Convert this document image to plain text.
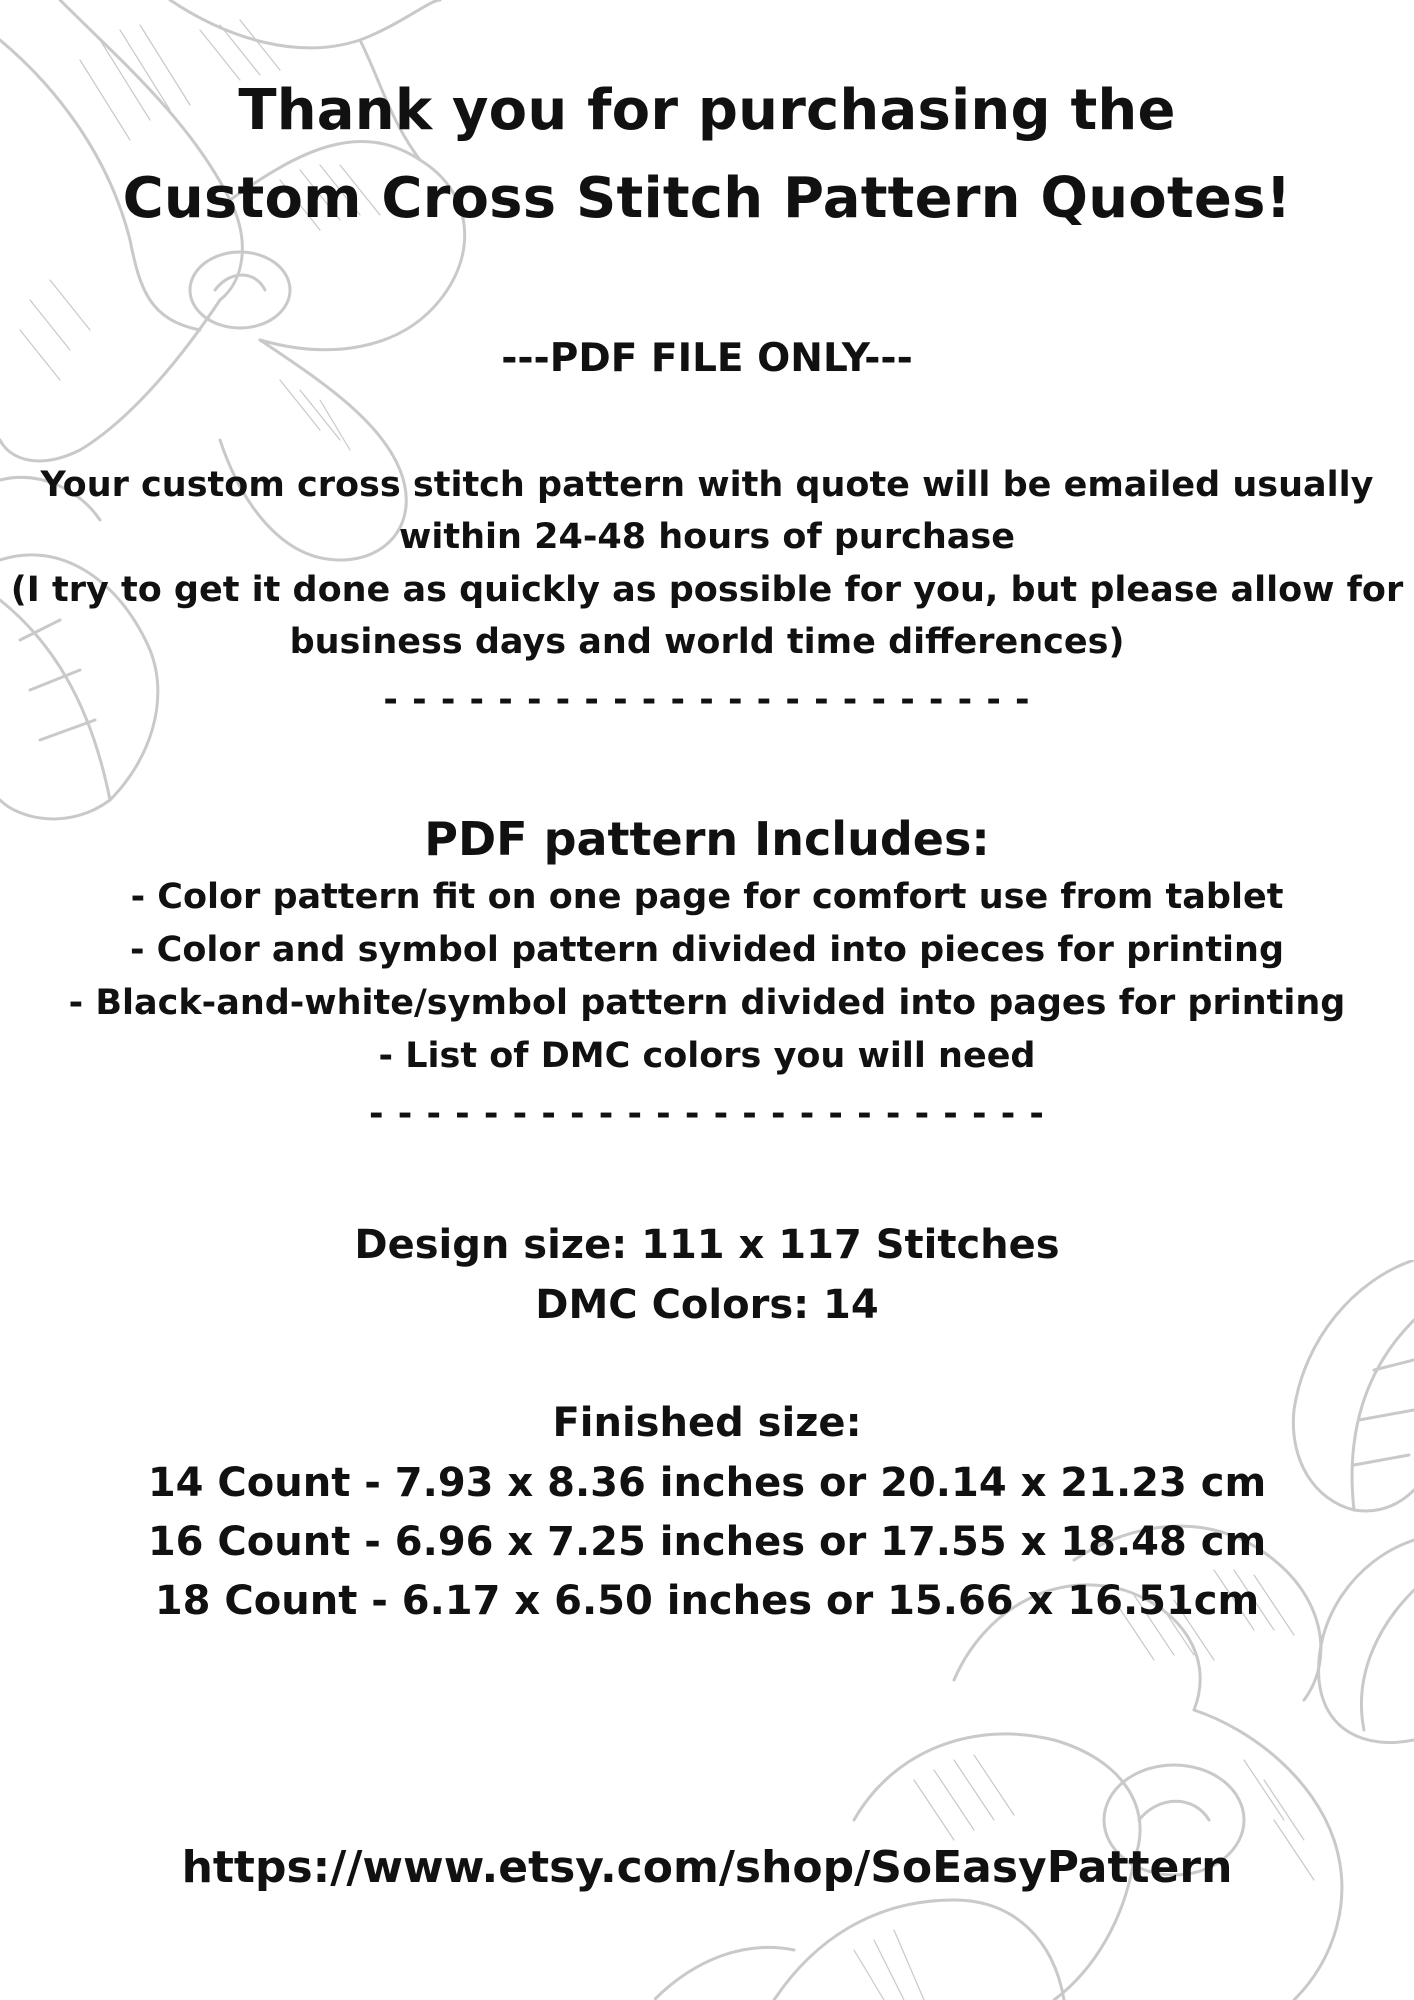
Thank you for purchasing the
Custom Cross Stitch Pattern Quotes!
---PDF FILE ONLY---
Your custom cross stitch pattern with quote will be emailed usually
within 24-48 hours of purchase
(I try to get it done as quickly as possible for you, but please allow for
business days and world time differences)
- - - - - - - - - - - - - - - - - - - - - - -
PDF pattern Includes:
- Color pattern fit on one page for comfort use from tablet
- Color and symbol pattern divided into pieces for printing
- Black-and-white/symbol pattern divided into pages for printing
- List of DMC colors you will need
- - - - - - - - - - - - - - - - - - - - - - - -
Design size: 111 x 117 Stitches
DMC Colors: 14
Finished size:
14 Count - 7.93 x 8.36 inches or 20.14 x 21.23 cm
16 Count - 6.96 x 7.25 inches or 17.55 x 18.48 cm
18 Count - 6.17 x 6.50 inches or 15.66 x 16.51cm
https://www.etsy.com/shop/SoEasyPattern
